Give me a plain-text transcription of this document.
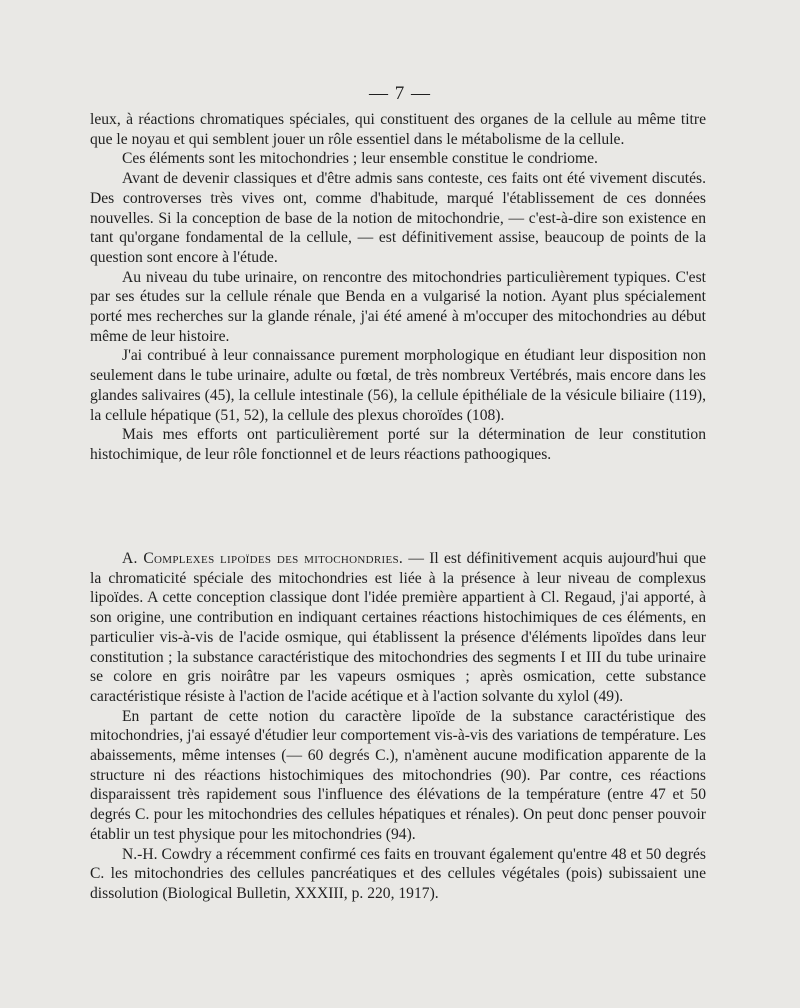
— 7 —

leux, à réactions chromatiques spéciales, qui constituent des organes de la cellule au même titre que le noyau et qui semblent jouer un rôle essentiel dans le métabolisme de la cellule.

Ces éléments sont les mitochondries ; leur ensemble constitue le condriome.

Avant de devenir classiques et d'être admis sans conteste, ces faits ont été vivement discutés. Des controverses très vives ont, comme d'habitude, marqué l'établissement de ces données nouvelles. Si la conception de base de la notion de mitochondrie, — c'est-à-dire son existence en tant qu'organe fondamental de la cellule, — est définitivement assise, beaucoup de points de la question sont encore à l'étude.

Au niveau du tube urinaire, on rencontre des mitochondries particulièrement typiques. C'est par ses études sur la cellule rénale que Benda en a vulgarisé la notion. Ayant plus spécialement porté mes recherches sur la glande rénale, j'ai été amené à m'occuper des mitochondries au début même de leur histoire.

J'ai contribué à leur connaissance purement morphologique en étudiant leur disposition non seulement dans le tube urinaire, adulte ou fœtal, de très nombreux Vertébrés, mais encore dans les glandes salivaires (45), la cellule intestinale (56), la cellule épithéliale de la vésicule biliaire (119), la cellule hépatique (51, 52), la cellule des plexus choroïdes (108).

Mais mes efforts ont particulièrement porté sur la détermination de leur constitution histochimique, de leur rôle fonctionnel et de leurs réactions pathoogiques.

A. Complexes lipoïdes des mitochondries. — Il est définitivement acquis aujourd'hui que la chromaticité spéciale des mitochondries est liée à la présence à leur niveau de complexus lipoïdes. A cette conception classique dont l'idée première appartient à Cl. Regaud, j'ai apporté, à son origine, une contribution en indiquant certaines réactions histochimiques de ces éléments, en particulier vis-à-vis de l'acide osmique, qui établissent la présence d'éléments lipoïdes dans leur constitution ; la substance caractéristique des mitochondries des segments I et III du tube urinaire se colore en gris noirâtre par les vapeurs osmiques ; après osmication, cette substance caractéristique résiste à l'action de l'acide acétique et à l'action solvante du xylol (49).

En partant de cette notion du caractère lipoïde de la substance caractéristique des mitochondries, j'ai essayé d'étudier leur comportement vis-à-vis des variations de température. Les abaissements, même intenses (— 60 degrés C.), n'amènent aucune modification apparente de la structure ni des réactions histochimiques des mitochondries (90). Par contre, ces réactions disparaissent très rapidement sous l'influence des élévations de la température (entre 47 et 50 degrés C. pour les mitochondries des cellules hépatiques et rénales). On peut donc penser pouvoir établir un test physique pour les mitochondries (94).

N.-H. Cowdry a récemment confirmé ces faits en trouvant également qu'entre 48 et 50 degrés C. les mitochondries des cellules pancréatiques et des cellules végétales (pois) subissaient une dissolution (Biological Bulletin, XXXIII, p. 220, 1917).
